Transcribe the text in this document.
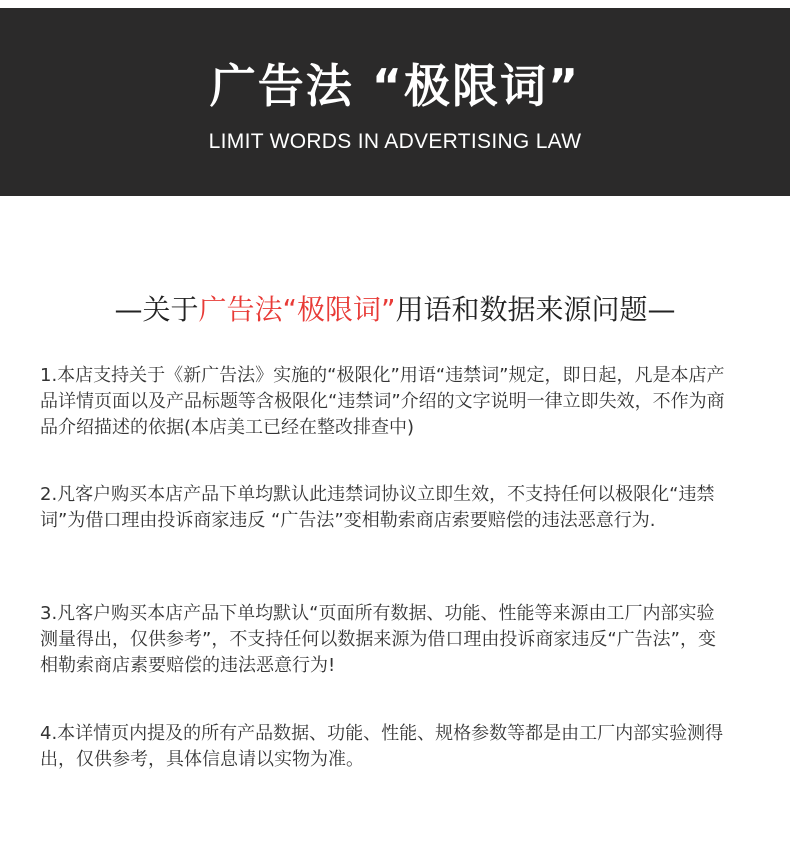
广告法 “极限词”
LIMIT WORDS IN ADVERTISING LAW
—关于广告法“极限词”用语和数据来源问题—
1.本店支持关于《新广告法》实施的“极限化”用语“违禁词”规定，即日起，凡是本店产品详情页面以及产品标题等含极限化“违禁词”介绍的文字说明一律立即失效，不作为商品介绍描述的依据(本店美工已经在整改排查中)
2.凡客户购买本店产品下单均默认此违禁词协议立即生效，不支持任何以极限化“违禁词”为借口理由投诉商家违反 “广告法”变相勒索商店索要赔偿的违法恶意行为.
3.凡客户购买本店产品下单均默认“页面所有数据、功能、性能等来源由工厂内部实验测量得出，仅供参考”，不支持任何以数据来源为借口理由投诉商家违反“广告法”，变相勒索商店素要赔偿的违法恶意行为!
4.本详情页内提及的所有产品数据、功能、性能、规格参数等都是由工厂内部实验测得出，仅供参考，具体信息请以实物为准。
